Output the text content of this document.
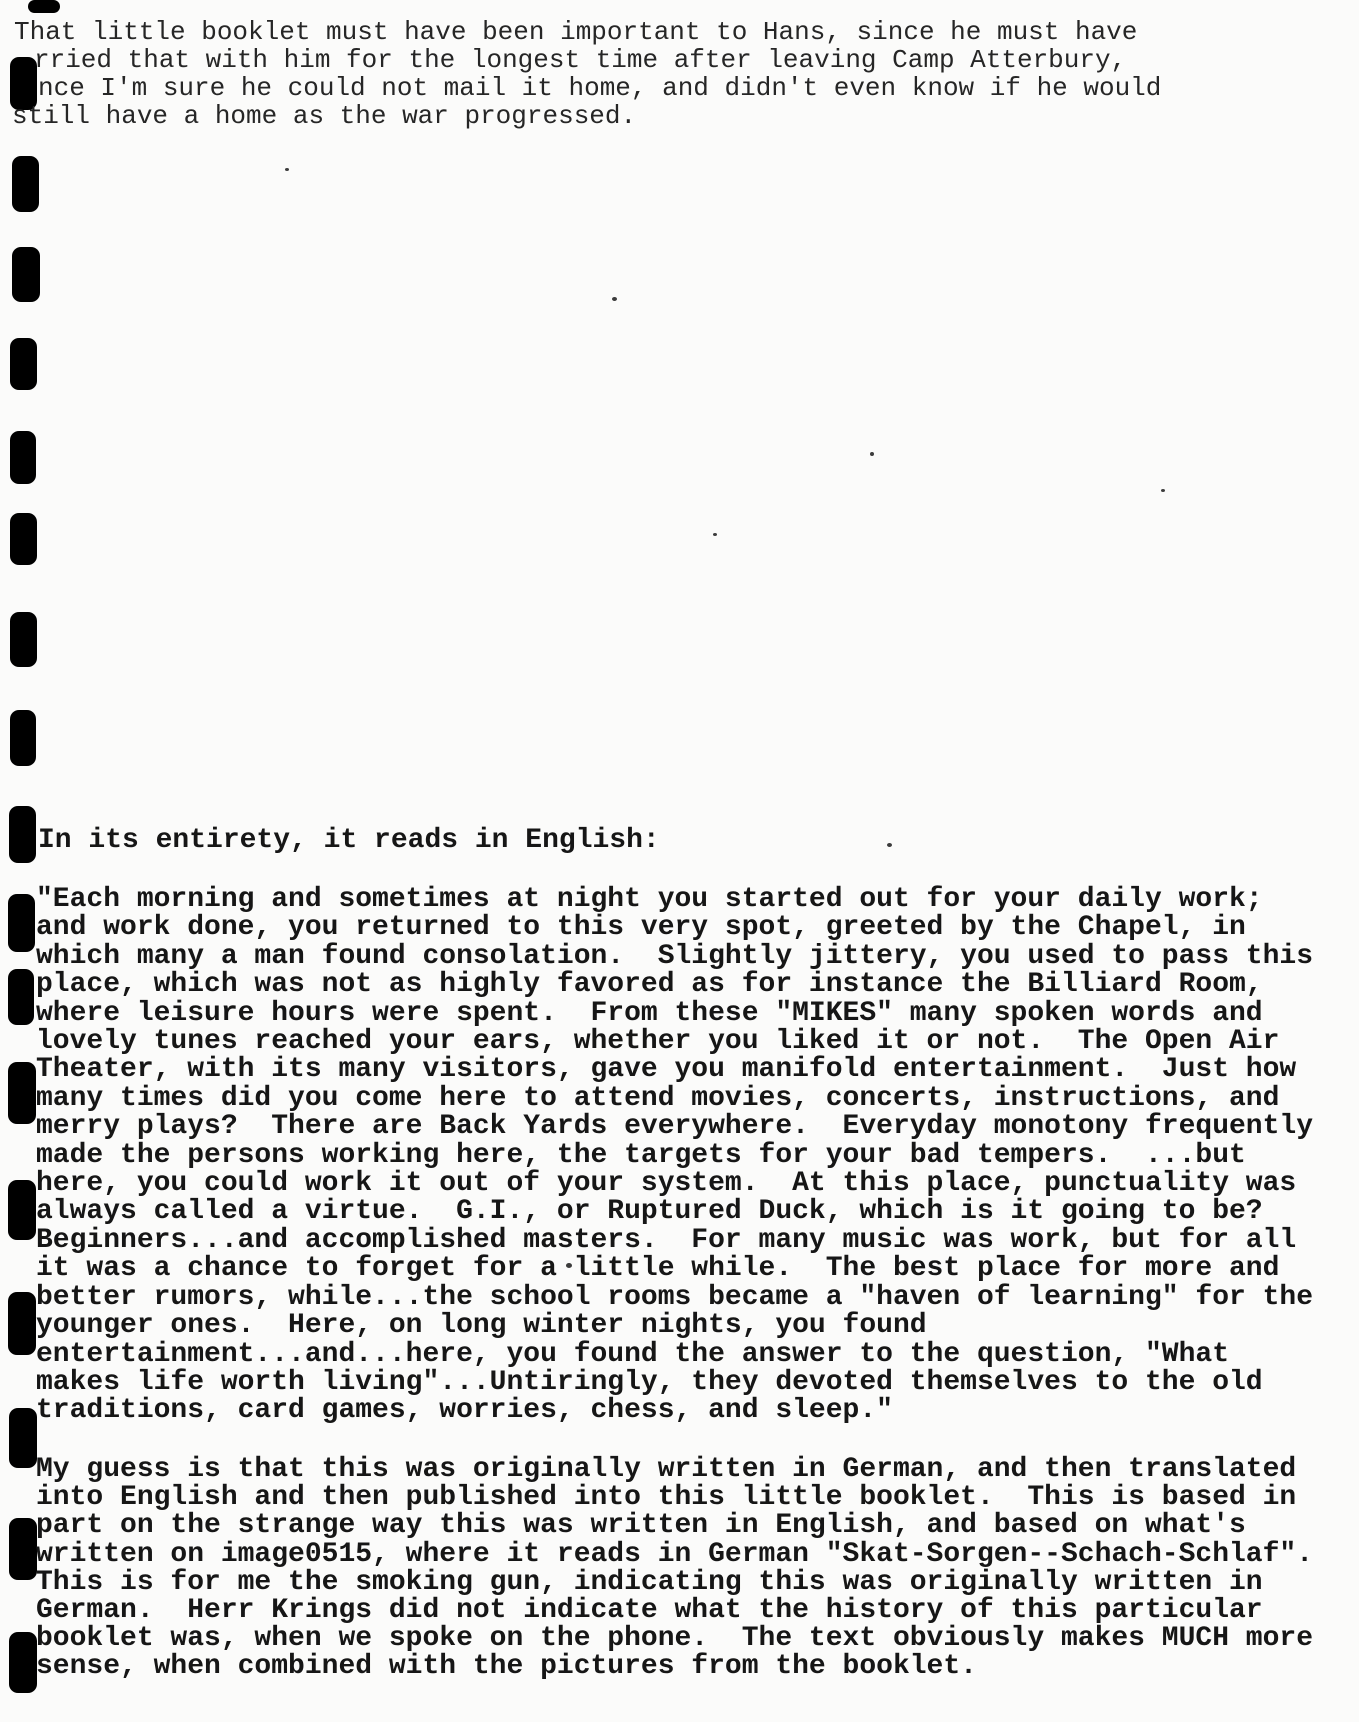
That little booklet must have been important to Hans, since he must have
rried that with him for the longest time after leaving Camp Atterbury,
nce I'm sure he could not mail it home, and didn't even know if he would
still have a home as the war progressed.
In its entirety, it reads in English:
"Each morning and sometimes at night you started out for your daily work;
and work done, you returned to this very spot, greeted by the Chapel, in
which many a man found consolation.  Slightly jittery, you used to pass this
place, which was not as highly favored as for instance the Billiard Room,
where leisure hours were spent.  From these "MIKES" many spoken words and
lovely tunes reached your ears, whether you liked it or not.  The Open Air
Theater, with its many visitors, gave you manifold entertainment.  Just how
many times did you come here to attend movies, concerts, instructions, and
merry plays?  There are Back Yards everywhere.  Everyday monotony frequently
made the persons working here, the targets for your bad tempers.  ...but
here, you could work it out of your system.  At this place, punctuality was
always called a virtue.  G.I., or Ruptured Duck, which is it going to be?
Beginners...and accomplished masters.  For many music was work, but for all
it was a chance to forget for a little while.  The best place for more and
better rumors, while...the school rooms became a "haven of learning" for the
younger ones.  Here, on long winter nights, you found
entertainment...and...here, you found the answer to the question, "What
makes life worth living"...Untiringly, they devoted themselves to the old
traditions, card games, worries, chess, and sleep."
My guess is that this was originally written in German, and then translated
into English and then published into this little booklet.  This is based in
part on the strange way this was written in English, and based on what's
written on image0515, where it reads in German "Skat-Sorgen--Schach-Schlaf".
This is for me the smoking gun, indicating this was originally written in
German.  Herr Krings did not indicate what the history of this particular
booklet was, when we spoke on the phone.  The text obviously makes MUCH more
sense, when combined with the pictures from the booklet.
